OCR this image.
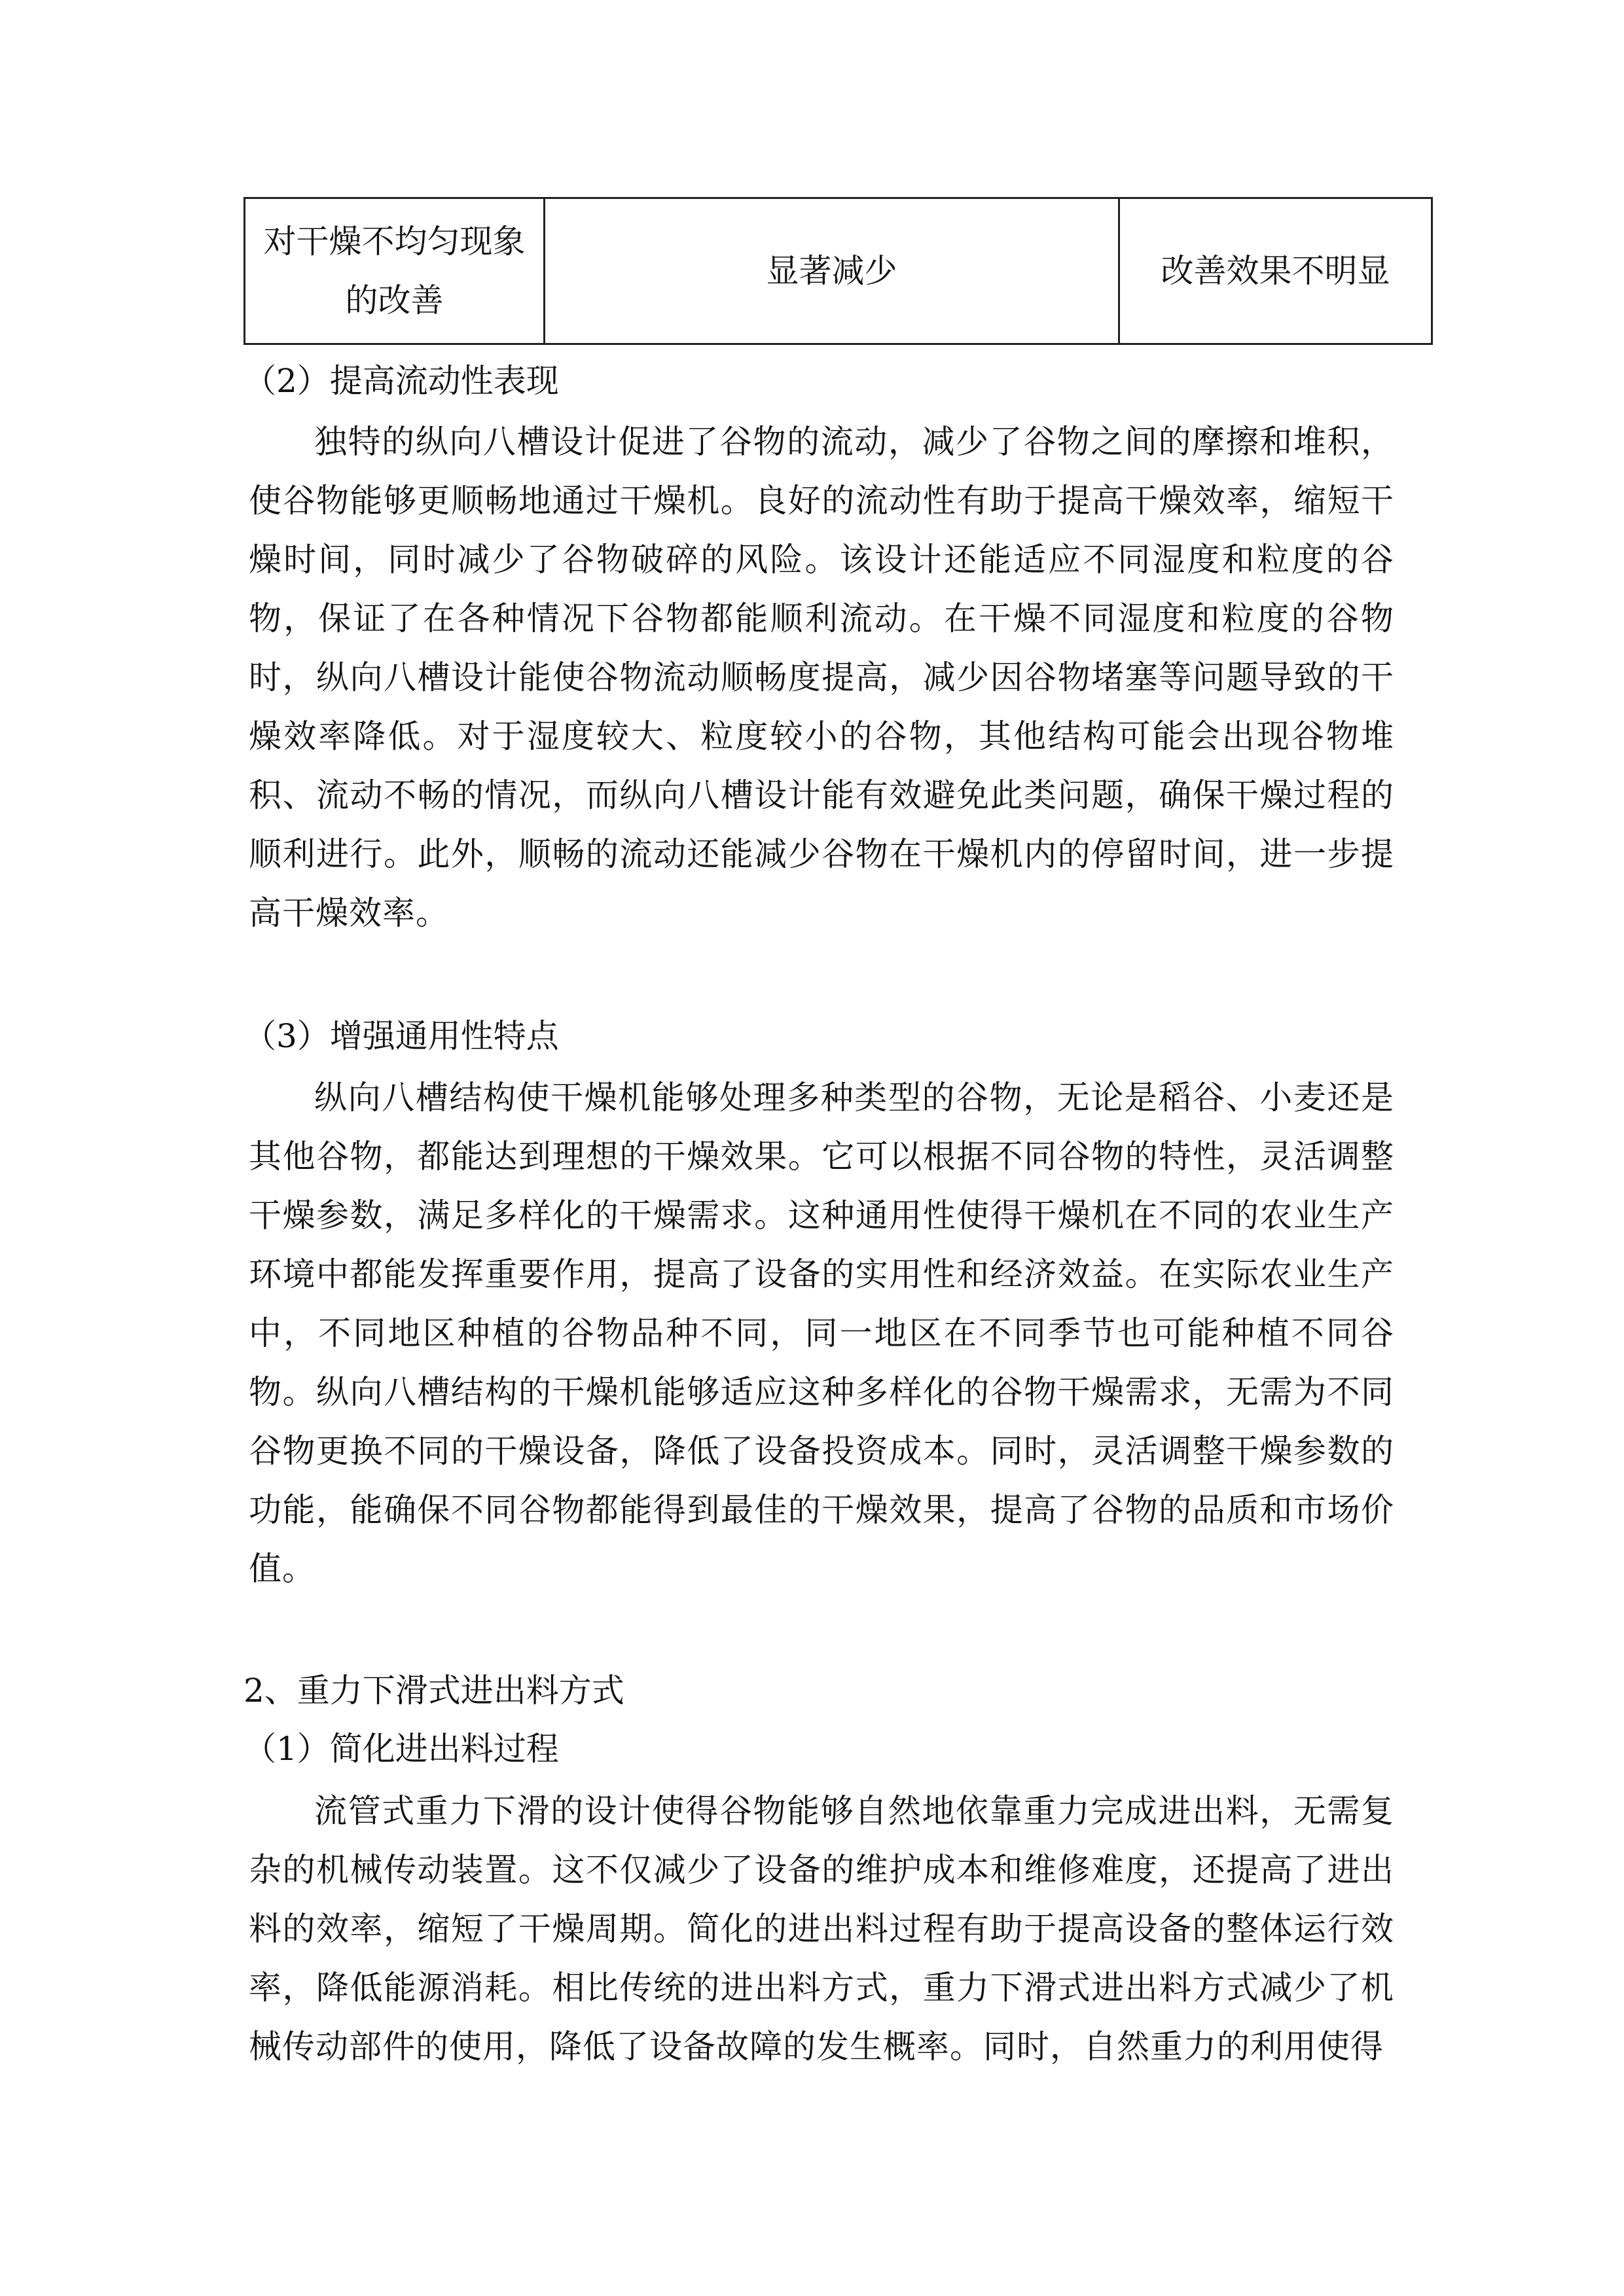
对干燥不均匀现象的改善	显著减少	改善效果不明显
（2）提高流动性表现

独特的纵向八槽设计促进了谷物的流动，减少了谷物之间的摩擦和堆积，使谷物能够更顺畅地通过干燥机。良好的流动性有助于提高干燥效率，缩短干燥时间，同时减少了谷物破碎的风险。该设计还能适应不同湿度和粒度的谷物，保证了在各种情况下谷物都能顺利流动。在干燥不同湿度和粒度的谷物时，纵向八槽设计能使谷物流动顺畅度提高，减少因谷物堵塞等问题导致的干燥效率降低。对于湿度较大、粒度较小的谷物，其他结构可能会出现谷物堆积、流动不畅的情况，而纵向八槽设计能有效避免此类问题，确保干燥过程的顺利进行。此外，顺畅的流动还能减少谷物在干燥机内的停留时间，进一步提高干燥效率。

（3）增强通用性特点

纵向八槽结构使干燥机能够处理多种类型的谷物，无论是稻谷、小麦还是其他谷物，都能达到理想的干燥效果。它可以根据不同谷物的特性，灵活调整干燥参数，满足多样化的干燥需求。这种通用性使得干燥机在不同的农业生产环境中都能发挥重要作用，提高了设备的实用性和经济效益。在实际农业生产中，不同地区种植的谷物品种不同，同一地区在不同季节也可能种植不同谷物。纵向八槽结构的干燥机能够适应这种多样化的谷物干燥需求，无需为不同谷物更换不同的干燥设备，降低了设备投资成本。同时，灵活调整干燥参数的功能，能确保不同谷物都能得到最佳的干燥效果，提高了谷物的品质和市场价值。

2、重力下滑式进出料方式
（1）简化进出料过程

流管式重力下滑的设计使得谷物能够自然地依靠重力完成进出料，无需复杂的机械传动装置。这不仅减少了设备的维护成本和维修难度，还提高了进出料的效率，缩短了干燥周期。简化的进出料过程有助于提高设备的整体运行效率，降低能源消耗。相比传统的进出料方式，重力下滑式进出料方式减少了机械传动部件的使用，降低了设备故障的发生概率。同时，自然重力的利用使得
